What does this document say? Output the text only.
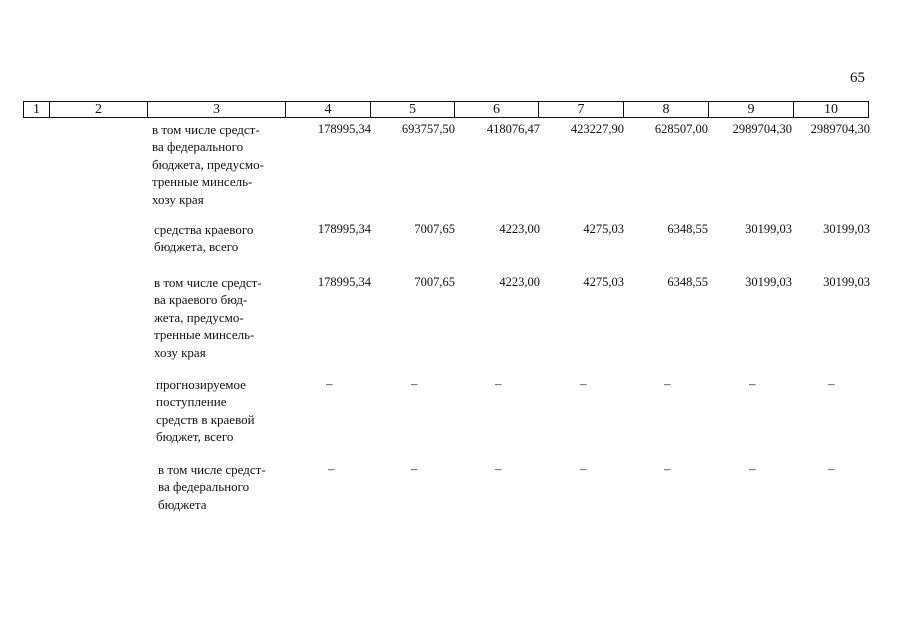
65
1	2	3	4	5	6	7	8	9	10
в том числе средст-
ва федерального
бюджета, предусмо-
тренные минсель-
хозу края
178995,34 693757,50	418076,47 423227,90 628507,00 2989704,30 2989704,30
средства краевого
бюджета, всего
178995,34	7007,65	4223,00	4275,03	6348,55	30199,03 30199,03
в том числе средст-
ва краевого бюд-
жета, предусмо-
тренные минсель-
хозу края
178995,34	7007,65	4223,00	4275,03	6348,55	30199,03 30199,03
прогнозируемое
поступление
средств в краевой
бюджет, всего
–	–	–	–	–	–	–
в том числе средст-
ва федерального
бюджета
–	–	–	–	–	–	–
